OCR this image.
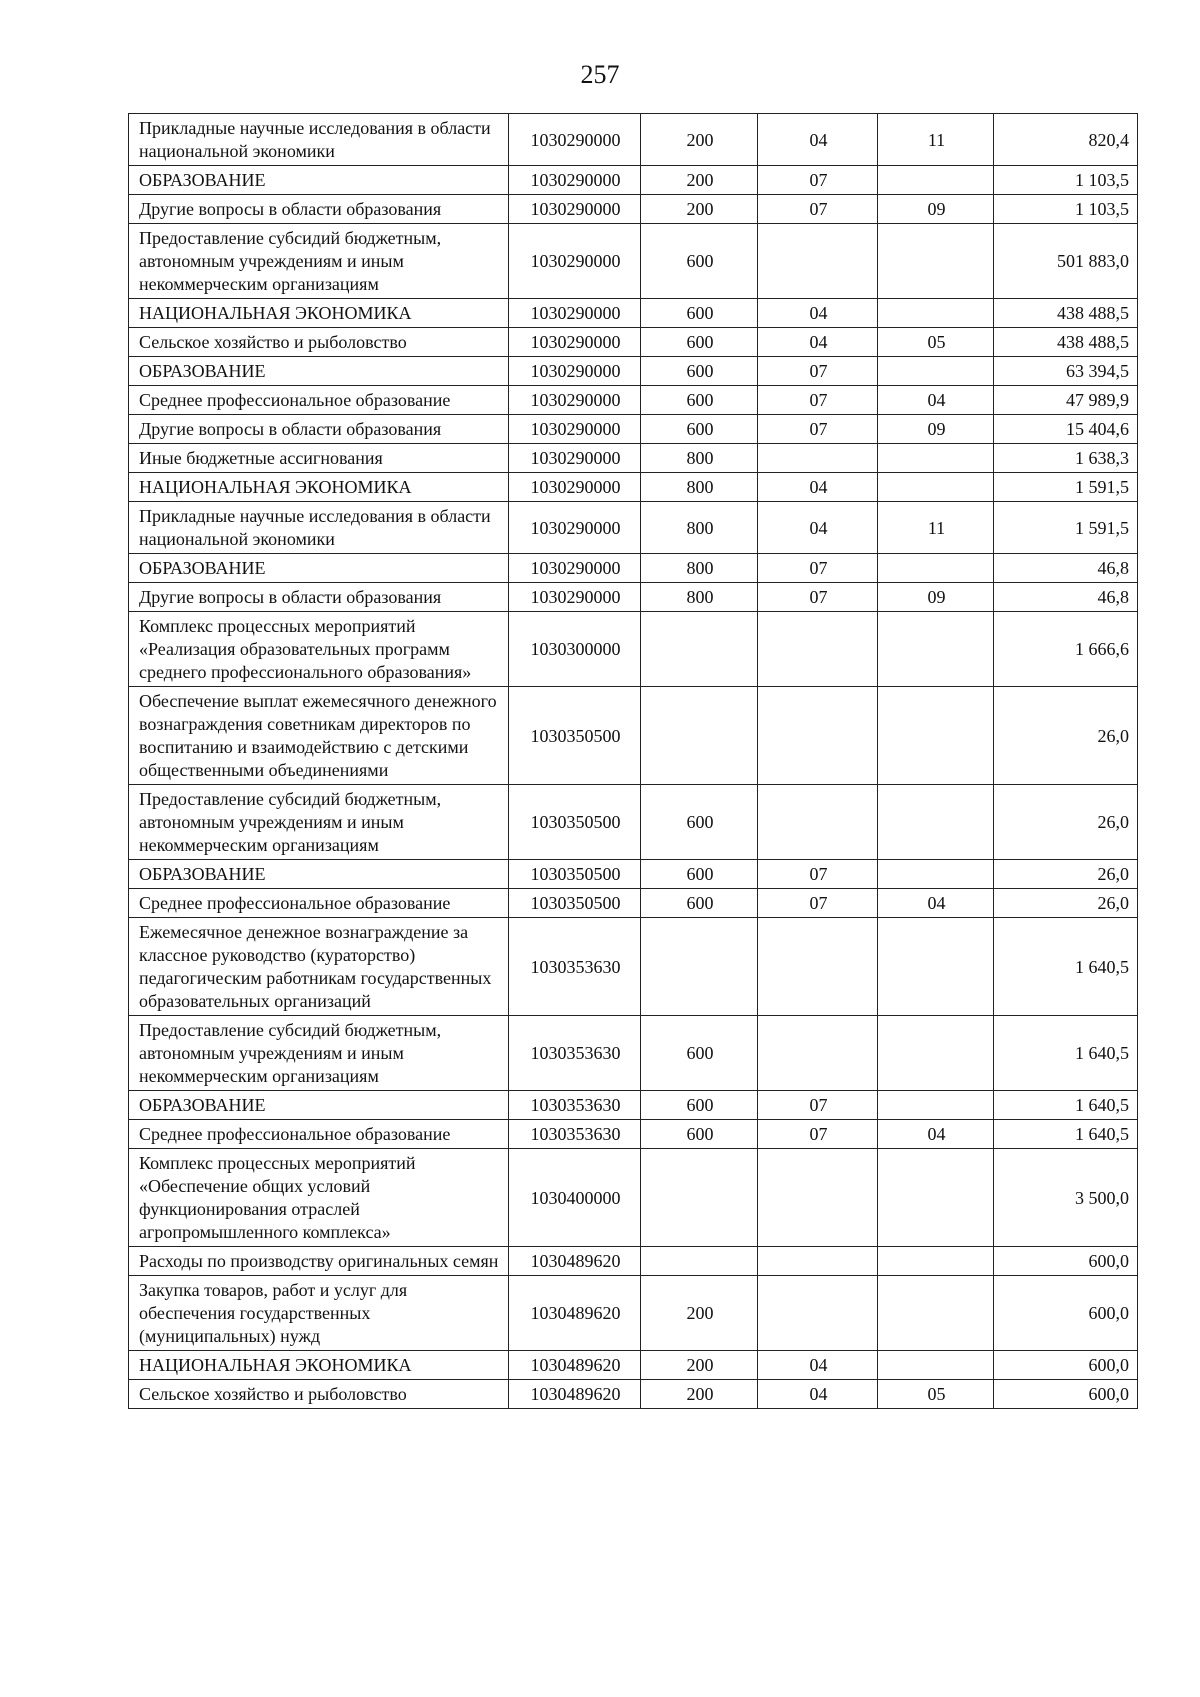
257
Прикладные научные исследования в области национальной экономики	1030290000	200	04	11	820,4
ОБРАЗОВАНИЕ	1030290000	200	07		1 103,5
Другие вопросы в области образования	1030290000	200	07	09	1 103,5
Предоставление субсидий бюджетным, автономным учреждениям и иным некоммерческим организациям	1030290000	600			501 883,0
НАЦИОНАЛЬНАЯ ЭКОНОМИКА	1030290000	600	04		438 488,5
Сельское хозяйство и рыболовство	1030290000	600	04	05	438 488,5
ОБРАЗОВАНИЕ	1030290000	600	07		63 394,5
Среднее профессиональное образование	1030290000	600	07	04	47 989,9
Другие вопросы в области образования	1030290000	600	07	09	15 404,6
Иные бюджетные ассигнования	1030290000	800			1 638,3
НАЦИОНАЛЬНАЯ ЭКОНОМИКА	1030290000	800	04		1 591,5
Прикладные научные исследования в области национальной экономики	1030290000	800	04	11	1 591,5
ОБРАЗОВАНИЕ	1030290000	800	07		46,8
Другие вопросы в области образования	1030290000	800	07	09	46,8
Комплекс процессных мероприятий «Реализация образовательных программ среднего профессионального образования»	1030300000				1 666,6
Обеспечение выплат ежемесячного денежного вознаграждения советникам директоров по воспитанию и взаимодействию с детскими общественными объединениями	1030350500				26,0
Предоставление субсидий бюджетным, автономным учреждениям и иным некоммерческим организациям	1030350500	600			26,0
ОБРАЗОВАНИЕ	1030350500	600	07		26,0
Среднее профессиональное образование	1030350500	600	07	04	26,0
Ежемесячное денежное вознаграждение за классное руководство (кураторство) педагогическим работникам государственных образовательных организаций	1030353630				1 640,5
Предоставление субсидий бюджетным, автономным учреждениям и иным некоммерческим организациям	1030353630	600			1 640,5
ОБРАЗОВАНИЕ	1030353630	600	07		1 640,5
Среднее профессиональное образование	1030353630	600	07	04	1 640,5
Комплекс процессных мероприятий «Обеспечение общих условий функционирования отраслей агропромышленного комплекса»	1030400000				3 500,0
Расходы по производству оригинальных семян	1030489620				600,0
Закупка товаров, работ и услуг для обеспечения государственных (муниципальных) нужд	1030489620	200			600,0
НАЦИОНАЛЬНАЯ ЭКОНОМИКА	1030489620	200	04		600,0
Сельское хозяйство и рыболовство	1030489620	200	04	05	600,0
